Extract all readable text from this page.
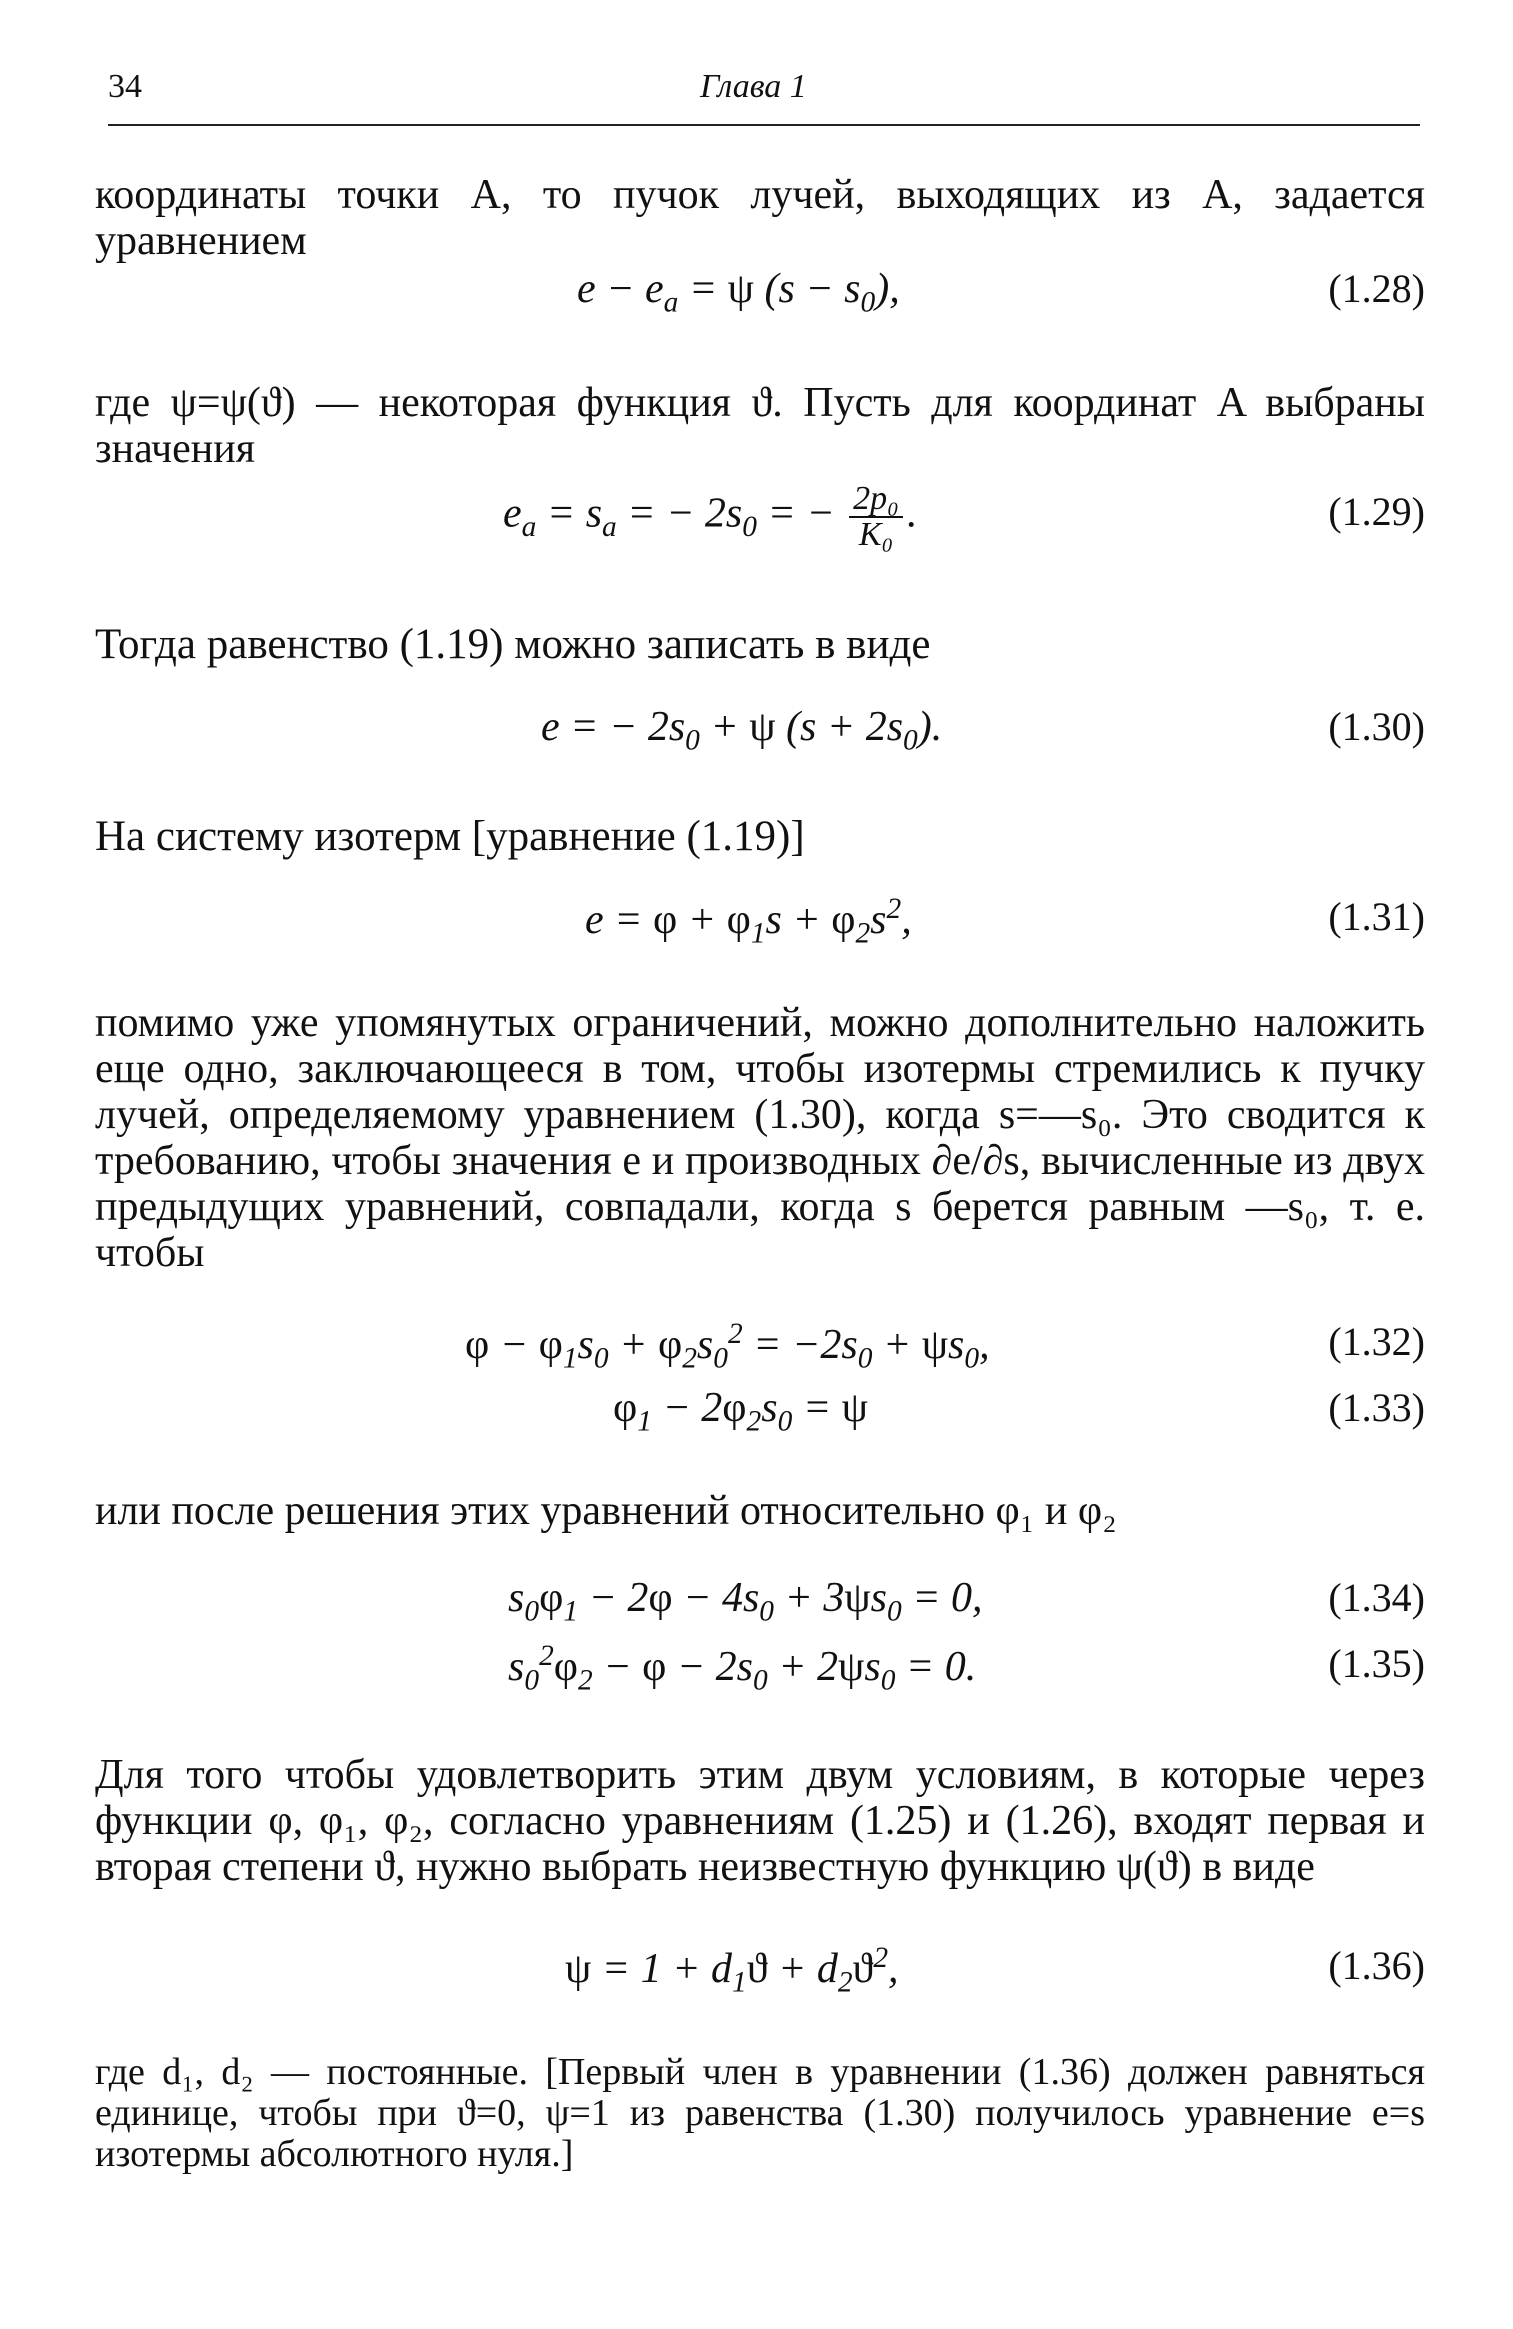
34	Глава 1
координаты точки A, то пучок лучей, выходящих из A, задается уравнением
$e - e_a = \psi$ $(s - s_0)$,	(1.28)
где ψ=ψ(ϑ) — некоторая функция ϑ. Пусть для координат A выбраны значения
$e_a = s_a$ = − $2s_0$ = − $\frac{\text{2p₀}}{\text{K₀}}$ .	(1.29)
Тогда равенство (1.19) можно записать в виде
e = − $2s_0 + \psi$ $(s + 2s_0)$.	(1.30)
На систему изотерм [уравнение (1.19)]
$e = \varphi + \varphi_1s + \varphi_2s^2$,	(1.31)
помимо уже упомянутых ограничений, можно дополнительно наложить еще одно, заключающееся в том, чтобы изотермы стремились к пучку лучей, определяемому уравнением (1.30), когда s=—s₀. Это сводится к требованию, чтобы значения e и производных ∂e/∂s, вычисленные из двух предыдущих уравнений, совпадали, когда s берется равным —s₀, т. е. чтобы
$\varphi - \varphi_1s_0 + \varphi_2s_0^2 = -2s_0 + \psi s_0$,	(1.32)
$\varphi_1 - 2\varphi_2s_0 = \psi$	(1.33)
или после решения этих уравнений относительно φ₁ и φ₂
$s_0\varphi_1 - 2\varphi - 4s_0 + 3\psi s_0 = 0$,	(1.34)
$s_0^2\varphi_2 - \varphi - 2s_0 + 2\psi s_0 = 0$.	(1.35)
Для того чтобы удовлетворить этим двум условиям, в которые через функции φ, φ₁, φ₂, согласно уравнениям (1.25) и (1.26), входят первая и вторая степени ϑ, нужно выбрать неизвестную функцию ψ(ϑ) в виде
$\psi = 1 + d_1ϑ + d_2ϑ^2$,	(1.36)
где d₁, d₂ — постоянные. [Первый член в уравнении (1.36) должен равняться единице, чтобы при ϑ=0, ψ=1 из равенства (1.30) получилось уравнение e=s изотермы абсолютного нуля.]
